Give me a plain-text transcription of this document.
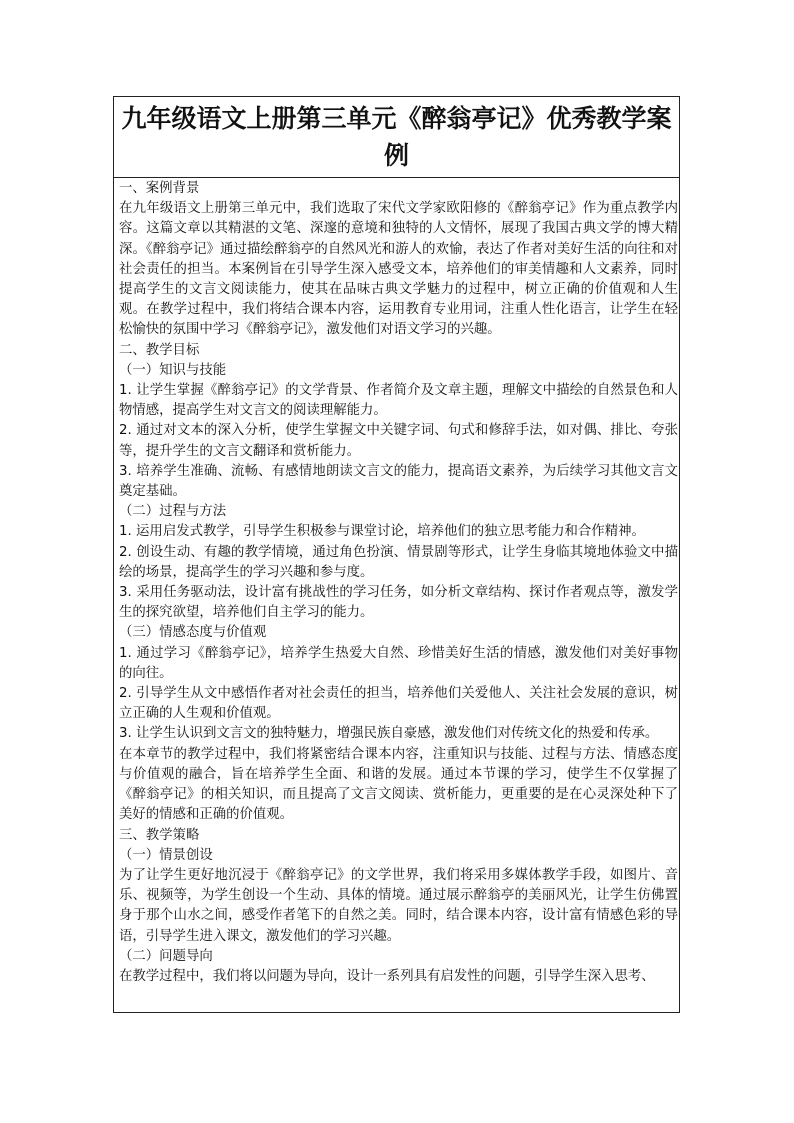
九年级语文上册第三单元《醉翁亭记》优秀教学案例

一、案例背景

在九年级语文上册第三单元中，我们选取了宋代文学家欧阳修的《醉翁亭记》作为重点教学内容。这篇文章以其精湛的文笔、深邃的意境和独特的人文情怀，展现了我国古典文学的博大精深。《醉翁亭记》通过描绘醉翁亭的自然风光和游人的欢愉，表达了作者对美好生活的向往和对社会责任的担当。本案例旨在引导学生深入感受文本，培养他们的审美情趣和人文素养，同时提高学生的文言文阅读能力，使其在品味古典文学魅力的过程中，树立正确的价值观和人生观。在教学过程中，我们将结合课本内容，运用教育专业用词，注重人性化语言，让学生在轻松愉快的氛围中学习《醉翁亭记》，激发他们对语文学习的兴趣。

二、教学目标

（一）知识与技能

1. 让学生掌握《醉翁亭记》的文学背景、作者简介及文章主题，理解文中描绘的自然景色和人物情感，提高学生对文言文的阅读理解能力。

2. 通过对文本的深入分析，使学生掌握文中关键字词、句式和修辞手法，如对偶、排比、夸张等，提升学生的文言文翻译和赏析能力。

3. 培养学生准确、流畅、有感情地朗读文言文的能力，提高语文素养，为后续学习其他文言文奠定基础。

（二）过程与方法

1. 运用启发式教学，引导学生积极参与课堂讨论，培养他们的独立思考能力和合作精神。

2. 创设生动、有趣的教学情境，通过角色扮演、情景剧等形式，让学生身临其境地体验文中描绘的场景，提高学生的学习兴趣和参与度。

3. 采用任务驱动法，设计富有挑战性的学习任务，如分析文章结构、探讨作者观点等，激发学生的探究欲望，培养他们自主学习的能力。

（三）情感态度与价值观

1. 通过学习《醉翁亭记》，培养学生热爱大自然、珍惜美好生活的情感，激发他们对美好事物的向往。

2. 引导学生从文中感悟作者对社会责任的担当，培养他们关爱他人、关注社会发展的意识，树立正确的人生观和价值观。

3. 让学生认识到文言文的独特魅力，增强民族自豪感，激发他们对传统文化的热爱和传承。

在本章节的教学过程中，我们将紧密结合课本内容，注重知识与技能、过程与方法、情感态度与价值观的融合，旨在培养学生全面、和谐的发展。通过本节课的学习，使学生不仅掌握了《醉翁亭记》的相关知识，而且提高了文言文阅读、赏析能力，更重要的是在心灵深处种下了美好的情感和正确的价值观。

三、教学策略

（一）情景创设

为了让学生更好地沉浸于《醉翁亭记》的文学世界，我们将采用多媒体教学手段，如图片、音乐、视频等，为学生创设一个生动、具体的情境。通过展示醉翁亭的美丽风光，让学生仿佛置身于那个山水之间，感受作者笔下的自然之美。同时，结合课本内容，设计富有情感色彩的导语，引导学生进入课文，激发他们的学习兴趣。

（二）问题导向

在教学过程中，我们将以问题为导向，设计一系列具有启发性的问题，引导学生深入思考、
